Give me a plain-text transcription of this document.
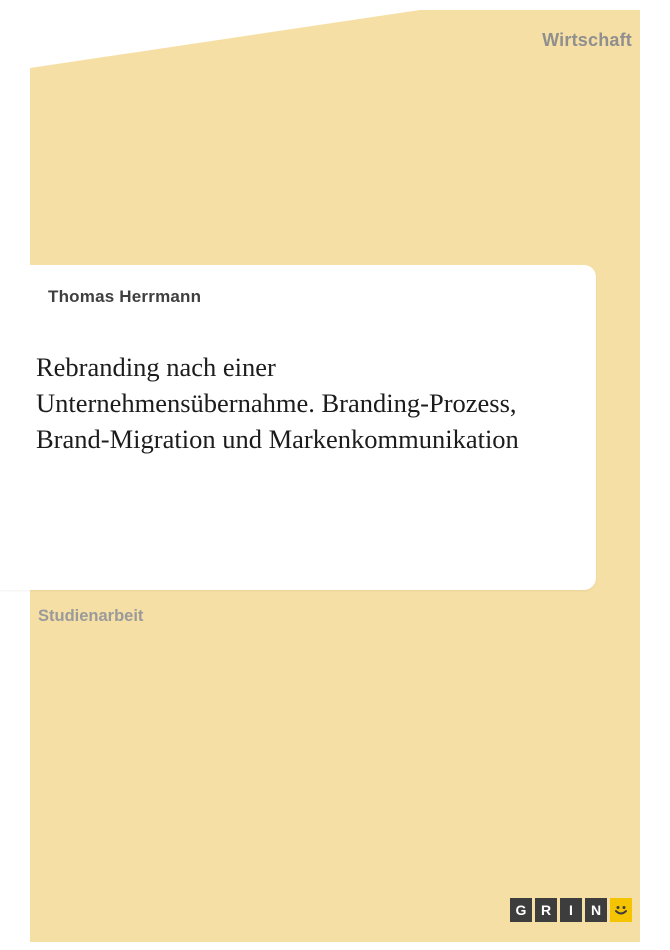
Wirtschaft
Thomas Herrmann
Rebranding nach einer Unternehmensübernahme. Branding-Prozess, Brand-Migration und Markenkommunikation
Studienarbeit
G	R	I	N
